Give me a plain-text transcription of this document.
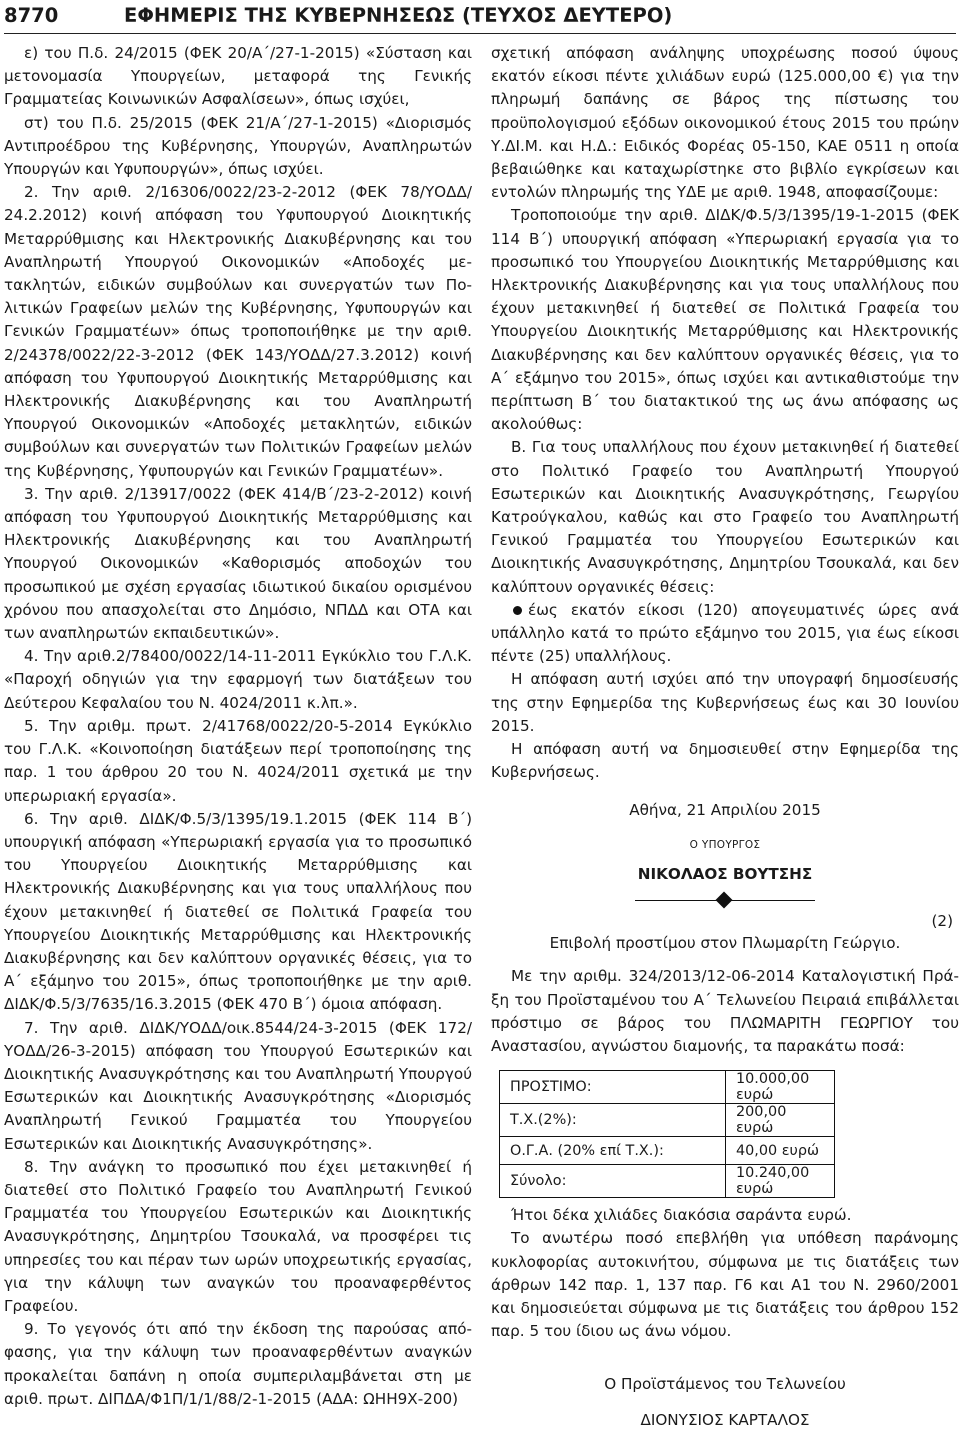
8770	ΕΦΗΜΕΡΙΣ ΤΗΣ ΚΥΒΕΡΝΗΣΕΩΣ (ΤΕΥΧΟΣ ΔΕΥΤΕΡΟ)

ε) του Π.δ. 24/2015 (ΦΕΚ 20/Α΄/27-1-2015) «Σύσταση και μετονομασία Υπουργείων, μεταφορά της Γενικής Γραμματείας Κοινωνικών Ασφαλίσεων», όπως ισχύει,

στ) του Π.δ. 25/2015 (ΦΕΚ 21/Α΄/27-1-2015) «Διορισμός Αντιπροέδρου της Κυβέρνησης, Υπουργών, Αναπληρωτών Υπουργών και Υφυπουργών», όπως ισχύει.

2. Την αριθ. 2/16306/0022/23-2-2012 (ΦΕΚ 78/ΥΟΔΔ/ 24.2.2012) κοινή απόφαση του Υφυπουργού Διοικητικής Μεταρρύθμισης και Ηλεκτρονικής Διακυβέρνησης και του Αναπληρωτή Υπουργού Οικονομικών «Αποδοχές μετακλητών, ειδικών συμβούλων και συνεργατών των Πολιτικών Γραφείων μελών της Κυβέρνησης, Υφυπουργών και Γενικών Γραμματέων» όπως τροποποιήθηκε με την αριθ. 2/24378/0022/22-3-2012 (ΦΕΚ 143/ΥΟΔΔ/27.3.2012) κοινή απόφαση του Υφυπουργού Διοικητικής Μεταρρύθμισης και Ηλεκτρονικής Διακυβέρνησης και του Αναπληρωτή Υπουργού Οικονομικών «Αποδοχές μετακλητών, ειδικών συμβούλων και συνεργατών των Πολιτικών Γραφείων μελών της Κυβέρνησης, Υφυπουργών και Γενικών Γραμματέων».

3. Την αριθ. 2/13917/0022 (ΦΕΚ 414/Β΄/23-2-2012) κοινή απόφαση του Υφυπουργού Διοικητικής Μεταρρύθμισης και Ηλεκτρονικής Διακυβέρνησης και του Αναπληρωτή Υπουργού Οικονομικών «Καθορισμός αποδοχών του προσωπικού με σχέση εργασίας ιδιωτικού δικαίου ορισμένου χρόνου που απασχολείται στο Δημόσιο, ΝΠΔΔ και ΟΤΑ και των αναπληρωτών εκπαιδευτικών».

4. Την αριθ.2/78400/0022/14-11-2011 Εγκύκλιο του Γ.Λ.Κ. «Παροχή οδηγιών για την εφαρμογή των διατάξεων του Δεύτερου Κεφαλαίου του Ν. 4024/2011 κ.λπ.».

5. Την αριθμ. πρωτ. 2/41768/0022/20-5-2014 Εγκύκλιο του Γ.Λ.Κ. «Κοινοποίηση διατάξεων περί τροποποίησης της παρ. 1 του άρθρου 20 του Ν. 4024/2011 σχετικά με την υπερωριακή εργασία».

6. Την αριθ. ΔΙΔΚ/Φ.5/3/1395/19.1.2015 (ΦΕΚ 114 Β΄) υπουργική απόφαση «Υπερωριακή εργασία για το προσωπικό του Υπουργείου Διοικητικής Μεταρρύθμισης και Ηλεκτρονικής Διακυβέρνησης και για τους υπαλλήλους που έχουν μετακινηθεί ή διατεθεί σε Πολιτικά Γραφεία του Υπουργείου Διοικητικής Μεταρρύθμισης και Ηλεκτρονικής Διακυβέρνησης και δεν καλύπτουν οργανικές θέσεις, για το Α΄ εξάμηνο του 2015», όπως τροποποιήθηκε με την αριθ. ΔΙΔΚ/Φ.5/3/7635/16.3.2015 (ΦΕΚ 470 Β΄) όμοια απόφαση.

7. Την αριθ. ΔΙΔΚ/ΥΟΔΔ/οικ.8544/24-3-2015 (ΦΕΚ 172/ ΥΟΔΔ/26-3-2015) απόφαση του Υπουργού Εσωτερικών και Διοικητικής Ανασυγκρότησης και του Αναπληρωτή Υπουργού Εσωτερικών και Διοικητικής Ανασυγκρότησης «Διορισμός Αναπληρωτή Γενικού Γραμματέα του Υπουργείου Εσωτερικών και Διοικητικής Ανασυγκρότησης».

8. Την ανάγκη το προσωπικό που έχει μετακινηθεί ή διατεθεί στο Πολιτικό Γραφείο του Αναπληρωτή Γενικού Γραμματέα του Υπουργείου Εσωτερικών και Διοικητικής Ανασυγκρότησης, Δημητρίου Τσουκαλά, να προσφέρει τις υπηρεσίες του και πέραν των ωρών υποχρεωτικής εργασίας, για την κάλυψη των αναγκών του προαναφερθέντος Γραφείου.

9. Το γεγονός ότι από την έκδοση της παρούσας απόφασης, για την κάλυψη των προαναφερθέντων αναγκών προκαλείται δαπάνη η οποία συμπεριλαμβάνεται στη με αριθ. πρωτ. ΔΙΠΔΑ/Φ1Π/1/1/88/2-1-2015 (ΑΔΑ: ΩΗΗ9Χ-200)

σχετική απόφαση ανάληψης υποχρέωσης ποσού ύψους εκατόν είκοσι πέντε χιλιάδων ευρώ (125.000,00 €) για την πληρωμή δαπάνης σε βάρος της πίστωσης του προϋπολογισμού εξόδων οικονομικού έτους 2015 του πρώην Υ.ΔΙ.Μ. και Η.Δ.: Ειδικός Φορέας 05-150, ΚΑΕ 0511 η οποία βεβαιώθηκε και καταχωρίστηκε στο βιβλίο εγκρίσεων και εντολών πληρωμής της ΥΔΕ με αριθ. 1948, αποφασίζουμε:

Τροποποιούμε την αριθ. ΔΙΔΚ/Φ.5/3/1395/19-1-2015 (ΦΕΚ 114 Β΄) υπουργική απόφαση «Υπερωριακή εργασία για το προσωπικό του Υπουργείου Διοικητικής Μεταρρύθμισης και Ηλεκτρονικής Διακυβέρνησης και για τους υπαλλήλους που έχουν μετακινηθεί ή διατεθεί σε Πολιτικά Γραφεία του Υπουργείου Διοικητικής Μεταρρύθμισης και Ηλεκτρονικής Διακυβέρνησης και δεν καλύπτουν οργανικές θέσεις, για το Α΄ εξάμηνο του 2015», όπως ισχύει και αντικαθιστούμε την περίπτωση Β΄ του διατακτικού της ως άνω απόφασης ως ακολούθως:

Β. Για τους υπαλλήλους που έχουν μετακινηθεί ή διατεθεί στο Πολιτικό Γραφείο του Αναπληρωτή Υπουργού Εσωτερικών και Διοικητικής Ανασυγκρότησης, Γεωργίου Κατρούγκαλου, καθώς και στο Γραφείο του Αναπληρωτή Γενικού Γραμματέα του Υπουργείου Εσωτερικών και Διοικητικής Ανασυγκρότησης, Δημητρίου Τσουκαλά, και δεν καλύπτουν οργανικές θέσεις:

έως εκατόν είκοσι (120) απογευματινές ώρες ανά υπάλληλο κατά το πρώτο εξάμηνο του 2015, για έως είκοσι πέντε (25) υπαλλήλους.

Η απόφαση αυτή ισχύει από την υπογραφή δημοσίευσής της στην Εφημερίδα της Κυβερνήσεως έως και 30 Ιουνίου 2015.

Η απόφαση αυτή να δημοσιευθεί στην Εφημερίδα της Κυβερνήσεως.

Αθήνα, 21 Απριλίου 2015

Ο ΥΠΟΥΡΓΟΣ

ΝΙΚΟΛΑΟΣ ΒΟΥΤΣΗΣ

(2)

Επιβολή προστίμου στον Πλωμαρίτη Γεώργιο.

Με την αριθμ. 324/2013/12-06-2014 Καταλογιστική Πράξη του Προϊσταμένου του Α΄ Τελωνείου Πειραιά επιβάλλεται πρόστιμο σε βάρος του ΠΛΩΜΑΡΙΤΗ ΓΕΩΡΓΙΟΥ του Αναστασίου, αγνώστου διαμονής, τα παρακάτω ποσά:

ΠΡΟΣΤΙΜΟ:	10.000,00 ευρώ
Τ.Χ.(2%):	200,00 ευρώ
Ο.Γ.Α. (20% επί Τ.Χ.):	40,00 ευρώ
Σύνολο:	10.240,00 ευρώ

Ήτοι δέκα χιλιάδες διακόσια σαράντα ευρώ.

Το ανωτέρω ποσό επεβλήθη για υπόθεση παράνομης κυκλοφορίας αυτοκινήτου, σύμφωνα με τις διατάξεις των άρθρων 142 παρ. 1, 137 παρ. Γ6 και Α1 του Ν. 2960/2001 και δημοσιεύεται σύμφωνα με τις διατάξεις του άρθρου 152 παρ. 5 του ίδιου ως άνω νόμου.

Ο Προϊστάμενος του Τελωνείου

ΔΙΟΝΥΣΙΟΣ ΚΑΡΤΑΛΟΣ
